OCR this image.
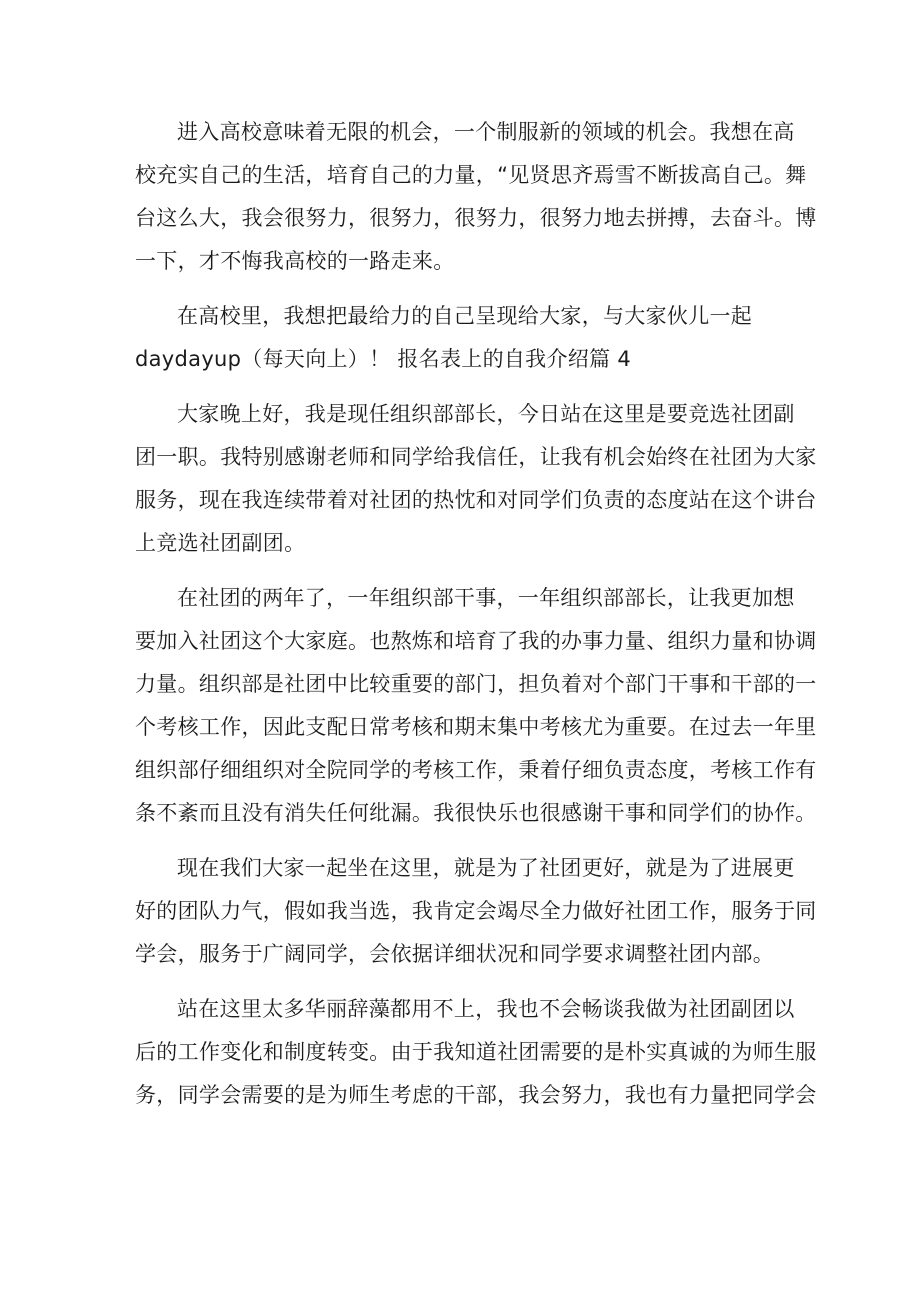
进入高校意味着无限的机会，一个制服新的领域的机会。我想在高
校充实自己的生活，培育自己的力量，“见贤思齐焉雪不断拔高自己。舞
台这么大，我会很努力，很努力，很努力，很努力地去拼搏，去奋斗。博
一下，才不悔我高校的一路走来。
在高校里，我想把最给力的自己呈现给大家，与大家伙儿一起
daydayup（每天向上）！ 报名表上的自我介绍篇 4
大家晚上好，我是现任组织部部长，今日站在这里是要竞选社团副
团一职。我特别感谢老师和同学给我信任，让我有机会始终在社团为大家
服务，现在我连续带着对社团的热忱和对同学们负责的态度站在这个讲台
上竞选社团副团。
在社团的两年了，一年组织部干事，一年组织部部长，让我更加想
要加入社团这个大家庭。也熬炼和培育了我的办事力量、组织力量和协调
力量。组织部是社团中比较重要的部门，担负着对个部门干事和干部的一
个考核工作，因此支配日常考核和期末集中考核尤为重要。在过去一年里
组织部仔细组织对全院同学的考核工作，秉着仔细负责态度，考核工作有
条不紊而且没有消失任何纰漏。我很快乐也很感谢干事和同学们的协作。
现在我们大家一起坐在这里，就是为了社团更好，就是为了进展更
好的团队力气，假如我当选，我肯定会竭尽全力做好社团工作，服务于同
学会，服务于广阔同学，会依据详细状况和同学要求调整社团内部。
站在这里太多华丽辞藻都用不上，我也不会畅谈我做为社团副团以
后的工作变化和制度转变。由于我知道社团需要的是朴实真诚的为师生服
务，同学会需要的是为师生考虑的干部，我会努力，我也有力量把同学会
